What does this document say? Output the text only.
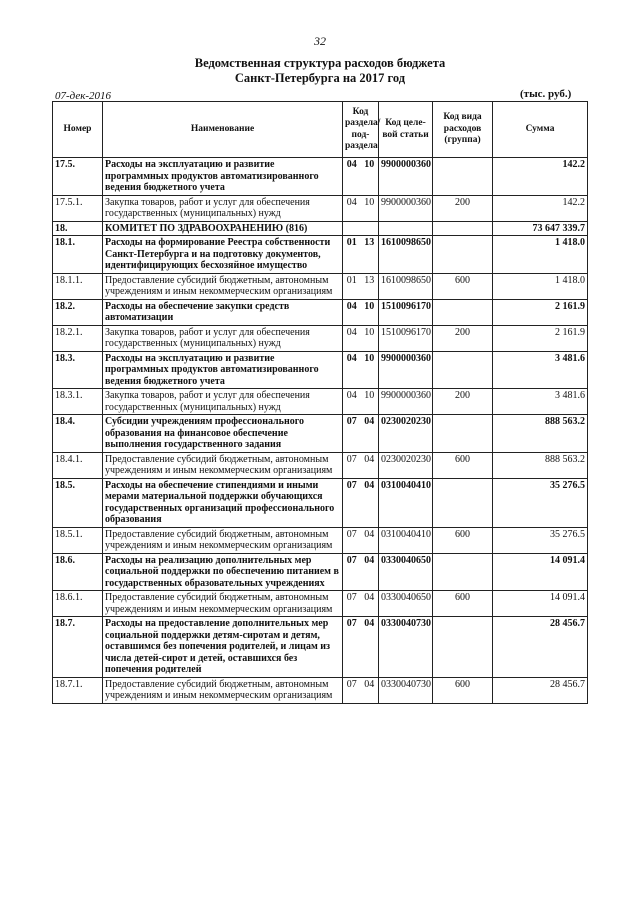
32
Ведомственная структура расходов бюджета
Санкт-Петербурга на 2017 год
07-дек-2016	(тыс. руб.)
Номер	Наименование	Код раздела/ под- раздела		Код целе- вой статьи	Код вида расходов (группа)	Сумма
17.5.	Расходы на эксплуатацию и развитие программных продуктов автоматизированного ведения бюджетного учета	04	10	9900000360		142.2
17.5.1.	Закупка товаров, работ и услуг для обеспечения государственных (муниципальных) нужд	04	10	9900000360	200	142.2
18.	КОМИТЕТ ПО ЗДРАВООХРАНЕНИЮ (816)					73 647 339.7
18.1.	Расходы на формирование Реестра собственности Санкт-Петербурга и на подготовку документов, идентифицирующих бесхозяйное имущество	01	13	1610098650		1 418.0
18.1.1.	Предоставление субсидий бюджетным, автономным учреждениям и иным некоммерческим организациям	01	13	1610098650	600	1 418.0
18.2.	Расходы на обеспечение закупки средств автоматизации	04	10	1510096170		2 161.9
18.2.1.	Закупка товаров, работ и услуг для обеспечения государственных (муниципальных) нужд	04	10	1510096170	200	2 161.9
18.3.	Расходы на эксплуатацию и развитие программных продуктов автоматизированного ведения бюджетного учета	04	10	9900000360		3 481.6
18.3.1.	Закупка товаров, работ и услуг для обеспечения государственных (муниципальных) нужд	04	10	9900000360	200	3 481.6
18.4.	Субсидии учреждениям профессионального образования на финансовое обеспечение выполнения государственного задания	07	04	0230020230		888 563.2
18.4.1.	Предоставление субсидий бюджетным, автономным учреждениям и иным некоммерческим организациям	07	04	0230020230	600	888 563.2
18.5.	Расходы на обеспечение стипендиями и иными мерами материальной поддержки обучающихся государственных организаций профессионального образования	07	04	0310040410		35 276.5
18.5.1.	Предоставление субсидий бюджетным, автономным учреждениям и иным некоммерческим организациям	07	04	0310040410	600	35 276.5
18.6.	Расходы на реализацию дополнительных мер социальной поддержки по обеспечению питанием в государственных образовательных учреждениях	07	04	0330040650		14 091.4
18.6.1.	Предоставление субсидий бюджетным, автономным учреждениям и иным некоммерческим организациям	07	04	0330040650	600	14 091.4
18.7.	Расходы на предоставление дополнительных мер социальной поддержки детям-сиротам и детям, оставшимся без попечения родителей, и лицам из числа детей-сирот и детей, оставшихся без попечения родителей	07	04	0330040730		28 456.7
18.7.1.	Предоставление субсидий бюджетным, автономным учреждениям и иным некоммерческим организациям	07	04	0330040730	600	28 456.7
